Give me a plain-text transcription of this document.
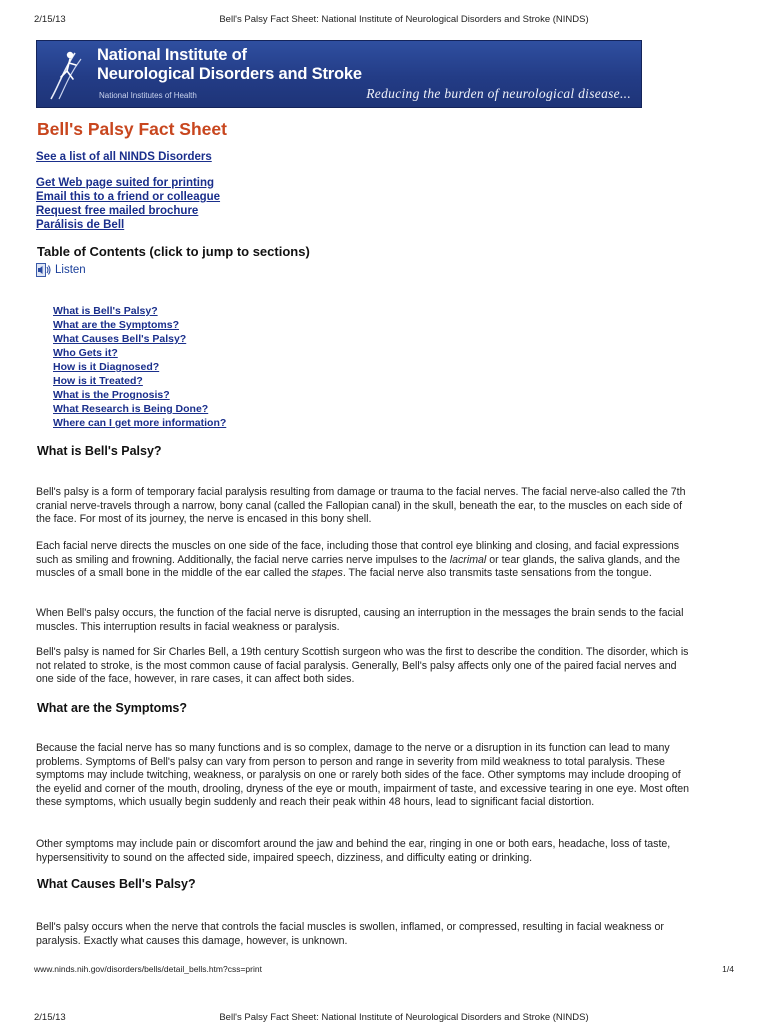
2/15/13	Bell's Palsy Fact Sheet: National Institute of Neurological Disorders and Stroke (NINDS)
National Institute of
Neurological Disorders and Stroke
National Institutes of Health	Reducing the burden of neurological disease...
Bell's Palsy Fact Sheet
See a list of all NINDS Disorders
Get Web page suited for printing
Email this to a friend or colleague
Request free mailed brochure
Parálisis de Bell
Table of Contents (click to jump to sections)
Listen
What is Bell's Palsy?
What are the Symptoms?
What Causes Bell's Palsy?
Who Gets it?
How is it Diagnosed?
How is it Treated?
What is the Prognosis?
What Research is Being Done?
Where can I get more information?
What is Bell's Palsy?

Bell's palsy is a form of temporary facial paralysis resulting from damage or trauma to the facial nerves. The facial nerve-also called the 7th cranial nerve-travels through a narrow, bony canal (called the Fallopian canal) in the skull, beneath the ear, to the muscles on each side of the face. For most of its journey, the nerve is encased in this bony shell.

Each facial nerve directs the muscles on one side of the face, including those that control eye blinking and closing, and facial expressions such as smiling and frowning. Additionally, the facial nerve carries nerve impulses to the lacrimal or tear glands, the saliva glands, and the muscles of a small bone in the middle of the ear called the stapes. The facial nerve also transmits taste sensations from the tongue.

When Bell's palsy occurs, the function of the facial nerve is disrupted, causing an interruption in the messages the brain sends to the facial muscles. This interruption results in facial weakness or paralysis.

Bell's palsy is named for Sir Charles Bell, a 19th century Scottish surgeon who was the first to describe the condition. The disorder, which is not related to stroke, is the most common cause of facial paralysis. Generally, Bell's palsy affects only one of the paired facial nerves and one side of the face, however, in rare cases, it can affect both sides.

What are the Symptoms?

Because the facial nerve has so many functions and is so complex, damage to the nerve or a disruption in its function can lead to many problems. Symptoms of Bell's palsy can vary from person to person and range in severity from mild weakness to total paralysis. These symptoms may include twitching, weakness, or paralysis on one or rarely both sides of the face. Other symptoms may include drooping of the eyelid and corner of the mouth, drooling, dryness of the eye or mouth, impairment of taste, and excessive tearing in one eye. Most often these symptoms, which usually begin suddenly and reach their peak within 48 hours, lead to significant facial distortion.

Other symptoms may include pain or discomfort around the jaw and behind the ear, ringing in one or both ears, headache, loss of taste, hypersensitivity to sound on the affected side, impaired speech, dizziness, and difficulty eating or drinking.

What Causes Bell's Palsy?

Bell's palsy occurs when the nerve that controls the facial muscles is swollen, inflamed, or compressed, resulting in facial weakness or paralysis. Exactly what causes this damage, however, is unknown.

www.ninds.nih.gov/disorders/bells/detail_bells.htm?css=print	1/4
2/15/13	Bell's Palsy Fact Sheet: National Institute of Neurological Disorders and Stroke (NINDS)
